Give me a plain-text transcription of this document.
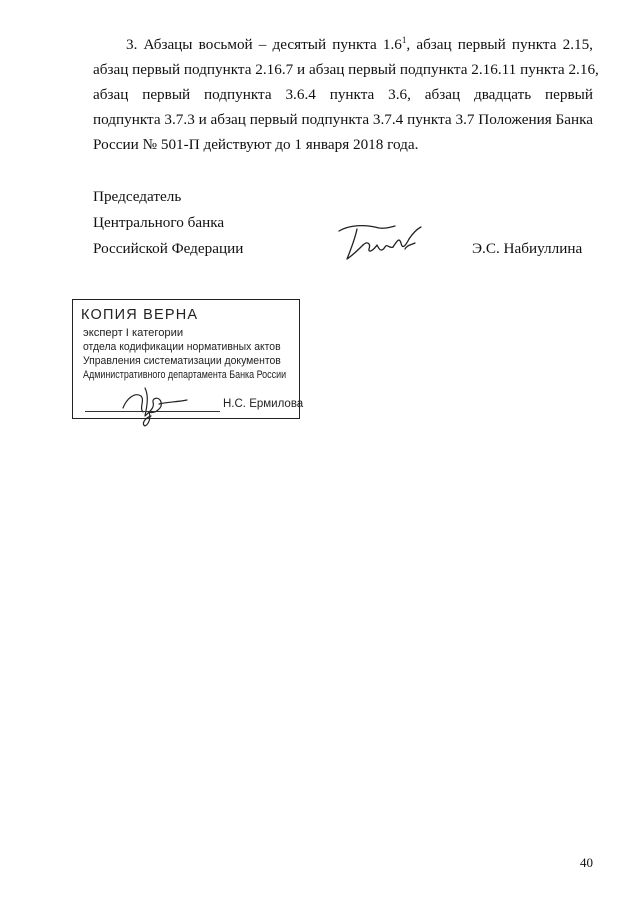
3. Абзацы восьмой – десятый пункта $1.6^1$, абзац первый пункта 2.15,
абзац первый подпункта 2.16.7 и абзац первый подпункта 2.16.11 пункта 2.16,
абзац первый подпункта 3.6.4 пункта 3.6, абзац двадцать первый
подпункта 3.7.3 и абзац первый подпункта 3.7.4 пункта 3.7 Положения Банка
России № 501-П действуют до 1 января 2018 года.
Председатель
Центрального банка
Российской Федерации	Э.С. Набиуллина
КОПИЯ ВЕРНА
эксперт I категории
отдела кодификации нормативных актов
Управления систематизации документов
Административного департамента Банка России
Н.С. Ермилова
40
